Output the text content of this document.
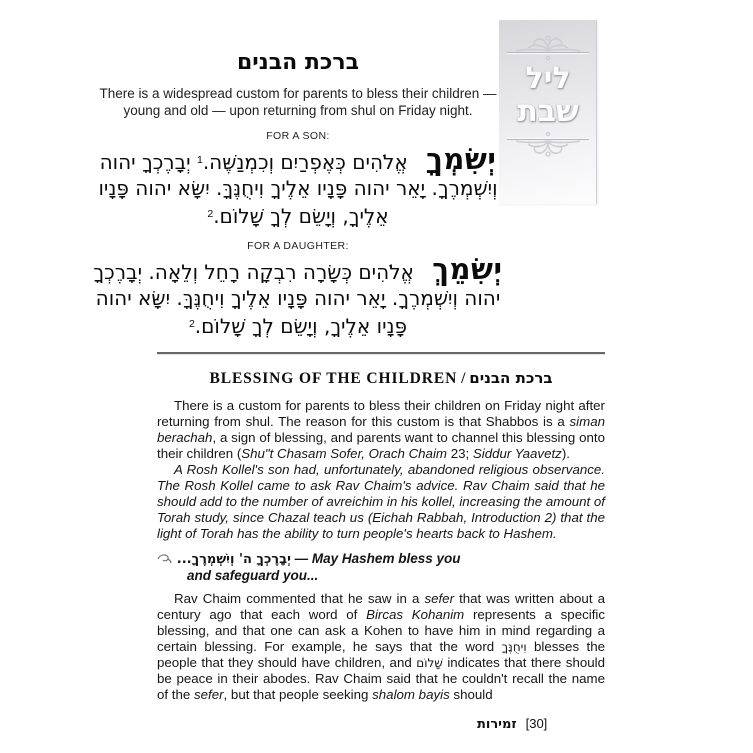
ליל
שבת
ברכת הבנים
There is a widespread custom for parents to bless their children —
young and old — upon returning from shul on Friday night.
FOR A SON:
יְשִׂמְךָ אֱלֹהִים כְּאֶפְרַיִם וְכִמְנַשֶּׁה.$^1$ יְבָרֶכְךָ יהוה וְיִשְׁמְרֶךָ. יָאֵר יהוה פָּנָיו אֵלֶיךָ וִיחֻנֶּךָּ. יִשָּׂא יהוה פָּנָיו אֵלֶיךָ, וְיָשֵׂם לְךָ שָׁלוֹם.$^2$
FOR A DAUGHTER:
יְשִׂמֵךְ אֱלֹהִים כְּשָׂרָה רִבְקָה רָחֵל וְלֵאָה. יְבָרֶכְךָ יהוה וְיִשְׁמְרֶךָ. יָאֵר יהוה פָּנָיו אֵלֶיךָ וִיחֻנֶּךָּ. יִשָּׂא יהוה פָּנָיו אֵלֶיךָ, וְיָשֵׂם לְךָ שָׁלוֹם.$^2$
BLESSING OF THE CHILDREN / ברכת הבנים

There is a custom for parents to bless their children on Friday night after returning from shul. The reason for this custom is that Shabbos is a siman berachah, a sign of blessing, and parents want to channel this blessing onto their children (Shu"t Chasam Sofer, Orach Chaim 23; Siddur Yaavetz).

A Rosh Kollel's son had, unfortunately, abandoned religious observance. The Rosh Kollel came to ask Rav Chaim's advice. Rav Chaim said that he should add to the number of avreichim in his kollel, increasing the amount of Torah study, since Chazal teach us (Eichah Rabbah, Introduction 2) that the light of Torah has the ability to turn people's hearts back to Hashem.

יְבָרֶכְךָ ה' וְיִשְׁמְרֶךָ... — May Hashem bless you
and safeguard you...

Rav Chaim commented that he saw in a sefer that was written about a century ago that each word of Bircas Kohanim represents a specific blessing, and that one can ask a Kohen to have him in mind regarding a certain blessing. For example, he says that the word וִיחֻנֶּךָ blesses the people that they should have children, and שָׁלוֹם indicates that there should be peace in their abodes. Rav Chaim said that he couldn't recall the name of the sefer, but that people seeking shalom bayis should

זמירות [30]
